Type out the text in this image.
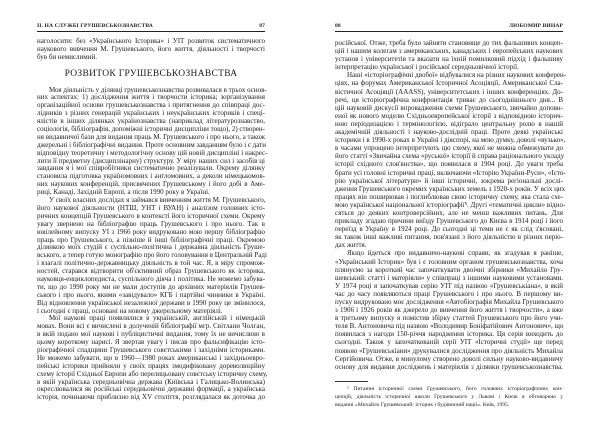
II. НА СЛУЖБІ ГРУШЕВСЬКОЗНАВСТВА	87
наголосити: без «Українського Історика» і УІТ розвиток систематичного
наукового вивчення М. Грушевського, його життя, діяльності і творчості
був би немислимий.
РОЗВИТОК ГРУШЕВСЬКОЗНАВСТВА
Моя діяльність у ділянці грушевськознавства розвивалася в трьох основ-
них аспектах: 1) дослідження життя і творчости історика; зорганізування
організаційної основи грушевськознавства і притягнення до співпраці дос-
лідників з різних генерацій українських і неукраїнських істориків і спеці-
ялістів в інших ділянках українознавства (наприклад літературознавство,
соціологія, бібліографія, допоміжні історичні дисципліни тощо), 2) створен-
ня видавничої бази для видання праць М. Грушевського і про нього, а також
джерельні і бібліографічні видання. Проте основним завданням було і є дати
відповідну теоретичну і методологічну основу цій новій дисципліні і накрес-
лити її предметну (дисциплінарну) структуру. У міру наших сил і засобів ці
завдання я і мої співробітники систематично реалізували. Окрему ділянку
становила підготовка україномовних і англомовних, а деколи німецькомов-
них наукових конференцій, присвячених Грушевському і його добі в Аме-
риці, Канаді, Західній Европі, а після 1990 року в Україні.
У своїх власних дослідах я займався вивченням життя М. Грушевського,
його наукової діяльности (НТШ, УНТ і ВУАН) і аналізом головних істо-
ричних концепцій Грушевського в контексті його історичної схеми. Окрему
увагу звернено на бібліографію праць Грушевського і про нього. Так в
ювілейному випуску УІ з 1966 року видруковано мою першу бібліографію
праць про Грушевського, а пізніше й інші бібліографічні праці. Окремою
ділянкою моїх студій є суспільно-політична і державна діяльність Груше-
вського, а тепер готую монографію про його головування в Центральній Раді
і взагалі політично-державницьку діяльність в той час. Я, в міру спромож-
ностей, старався відтворити об'єктивний образ Грушевського як історика,
науковця-енциклопедиста, суспільного діяча і політика. Не можемо забува-
ти, що до 1990 року ми не мали доступів до архівних матеріялів Грушев-
ського і про нього, якими «завідувало» КГБ і партійні чинники в Україні.
Від відновлення української незалежної держави в 1990 року це змінилося,
і сьогодні є праці, основані на новому джерельному матеріялі.
Мої наукові праці появлялися в українській, англійській і німецькій
мовах. Вони всі є вичислені в долученій бібліографії мгр. Світлани Чолган,
в якій подано мої наукові і публіцистичні видання, тому їх не вичислюю в
цьому короткому нарисі. Я звертав увагу і писав про фальсифікацію істо-
ріографічної спадщини Грушевського совєтськими і західніми істориками.
Не можемо забувати, що в 1960—1980 роках американські і західньоевро-
пейські історики прийняли у своїх працях змодифіковану дореволюційну
схему історії Східньої Европи або перелицьовану совєтську історичну схему,
в якій українська середньовічна держава (Київська і Галицько-Волинська)
окреслювалися як російські середньовічні державні формації, а українська
історія, починаючи приблизно від XV століття, розглядалася як доточка до
88	ЛЮБОМИР ВИНАР
російської. Отже, треба було зайняти становище до тих фальшивих концеп-
цій і нашим колегам з американських, канадських і европейських наукових
установ і університетів та вказати на їхній помилковий підхід і фальшиву
інтерпретацію української і російської середньовічної історії.
Наші «історіографічні двобої» відбувалися на різних наукових конферен-
ціях, на форумах Американської Історичної Асоціяції, Американської Сла-
вістичної Асоціяції (AAASS), університетських і інших конференціях. До-
речі, ця історіографічна конфронтація триває до сьогоднішнього дня... В
цій науковій дискусії впровадження схеми Грушевського, звичайно доповн-
еної як нового моделю Східньоевропейської історії з відповідною історич-
ною періодизацією і термінологією, відіграло центральну ролю в нашій
академічній діяльності і науково-дослідній праці. Проте деякі українські
історики і в 1990-х роках в Україні і діяспорі, на мою думку, доволі «вузько»,
в часами упрощено інтерпретують цю схему, якої не можна обмежувати до
його статті «Звичайна схема «руської» історії й справа раціонального укладу
історії східного слов'янства», що появилася в 1904 році. До уваги треба
брати усі головні історичні праці, включаючи «Історію України-Руси», «Істо-
рію української літератури» й інші історичні, зокрема регіональні дослі-
дження Грушевського окремих українських земель з 1920-х років. У всіх цих
працях він поширював і поглиблював свою історичну схему, яка стала схе-
мою української національної історіографії⁵. Другі «тематичні цикли» відно-
сяться до деяких контроверсійних, але не менш важливих питань. Для
прикладу згадаю причини виїзду Грушевського до Києва в 1914 році і його
переїзд в Україну в 1924 році. До сьогодні ці теми не є як слід з'ясовані,
як також інші важливі питання, пов'язані з його діяльністю в різних періо-
дах життя.
Якщо йдеться про видавничо-наукові справи, як згадував я раніше,
«Український Історик» був і є головним органом грушевськознавства, хоча
плянуємо за короткий час започаткувати двоічні збірники «Михайло Гру-
шевський: статті і матеріяли» у співпраці з іншими науковими установами.
У 1974 році я започаткував серію УІТ під назвою «Грушевськіана», в якій
час до часу появляються праці Грушевського і про нього. В першому ви-
пуску видруковано моє дослідження «Автобіографія Михайла Грушевського
з 1906 і 1926 років як джерело до вивчення його життя і творчости», а вже
в третьому випуску я помістив збірку статтей Грушевського про його учи-
теля В. Антоновича під назвою «Володимир Боніфатійович Антонович», що
появилася з нагоди 150-річчя народження історика. Ця серія виходить до
сьогодні. Також у започаткованій серії УІТ «Історичні студії» ще перед
появою «Грушевськіани» друкувалися дослідження про діяльність Михайла
Сергійовича. Отже, в минулому створено доволі сильну науково-видавничу
основу для видання досліджень і матеріялів з ділянки грушевськознавства.
⁵ Питання історичної схеми Грушевського, його головних історіографічних кон-
цепцій, діяльність історичної школи Грушевського у Львові і Києві я обговорюю у
виданні «Михайло Грушевський: історик і будівничий нації». Київ, 1995.
